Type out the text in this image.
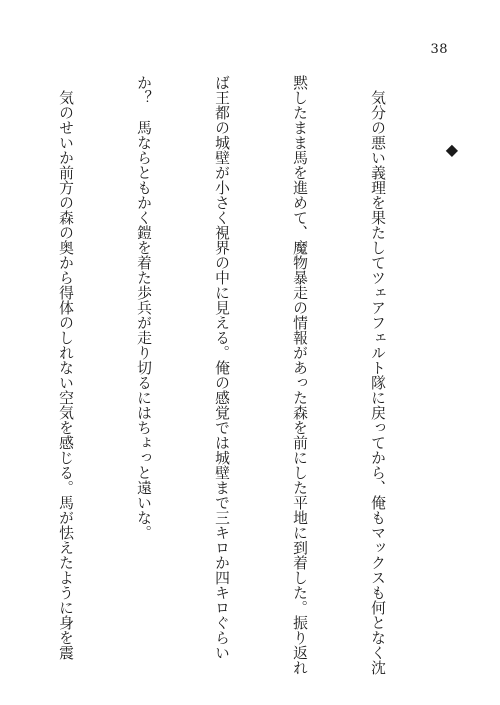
38
◆

　気分の悪い義理を果たしてツェアフェルト隊に戻ってから、俺もマックスも何となく沈

黙したまま馬を進めて、魔物暴走の情報があった森を前にした平地に到着した。振り返れ

ば王都の城壁が小さく視界の中に見える。俺の感覚では城壁まで三キロか四キロぐらい

か？　馬ならともかく鎧を着た歩兵が走り切るにはちょっと遠いな。

　気のせいか前方の森の奥から得体のしれない空気を感じる。馬が怯えたように身を震
